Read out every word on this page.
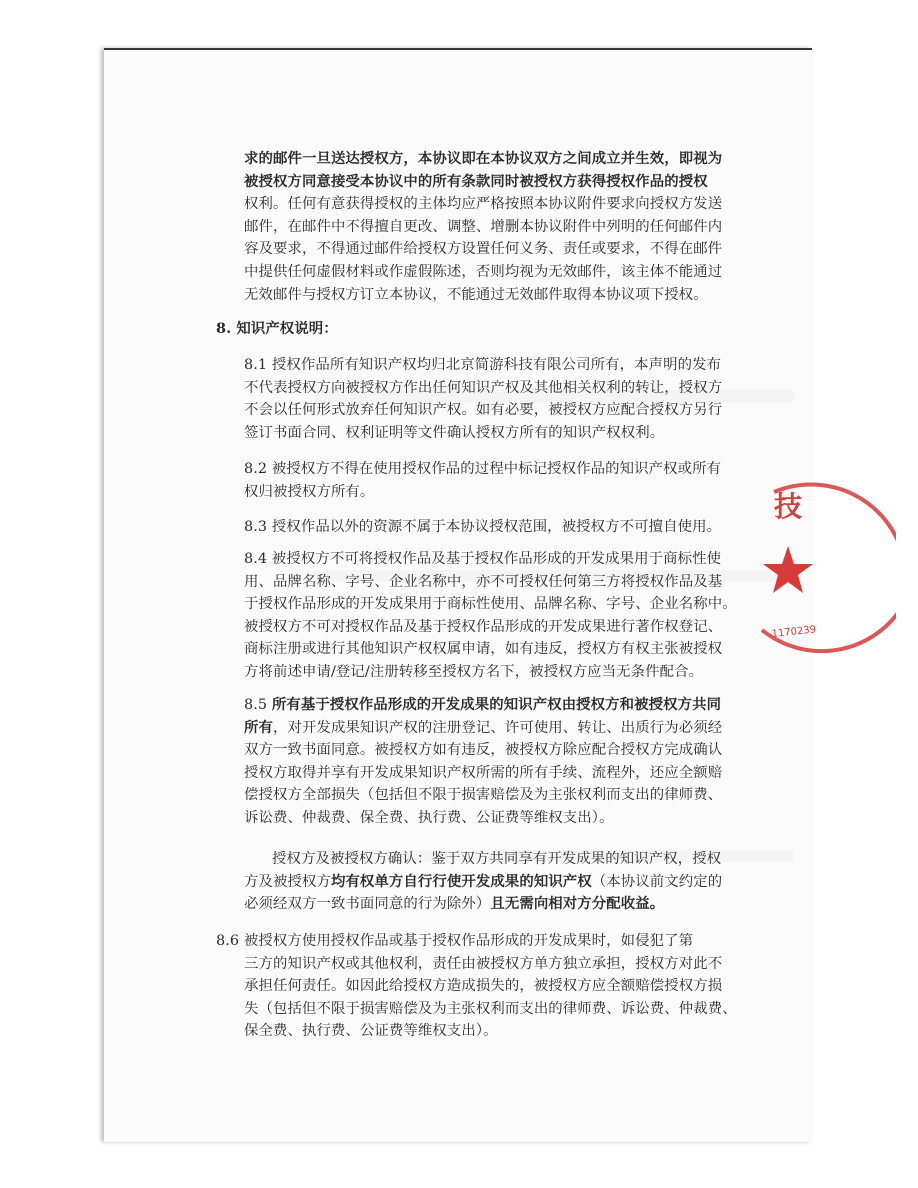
求的邮件一旦送达授权方，本协议即在本协议双方之间成立并生效，即视为
被授权方同意接受本协议中的所有条款同时被授权方获得授权作品的授权
权利。任何有意获得授权的主体均应严格按照本协议附件要求向授权方发送
邮件，在邮件中不得擅自更改、调整、增删本协议附件中列明的任何邮件内
容及要求，不得通过邮件给授权方设置任何义务、责任或要求，不得在邮件
中提供任何虚假材料或作虚假陈述，否则均视为无效邮件，该主体不能通过
无效邮件与授权方订立本协议，不能通过无效邮件取得本协议项下授权。
8. 知识产权说明：
8.1 授权作品所有知识产权均归北京简游科技有限公司所有，本声明的发布
不代表授权方向被授权方作出任何知识产权及其他相关权利的转让，授权方
不会以任何形式放弃任何知识产权。如有必要，被授权方应配合授权方另行
签订书面合同、权利证明等文件确认授权方所有的知识产权权利。
8.2 被授权方不得在使用授权作品的过程中标记授权作品的知识产权或所有
权归被授权方所有。
8.3 授权作品以外的资源不属于本协议授权范围，被授权方不可擅自使用。
8.4 被授权方不可将授权作品及基于授权作品形成的开发成果用于商标性使
用、品牌名称、字号、企业名称中，亦不可授权任何第三方将授权作品及基
于授权作品形成的开发成果用于商标性使用、品牌名称、字号、企业名称中。
被授权方不可对授权作品及基于授权作品形成的开发成果进行著作权登记、
商标注册或进行其他知识产权权属申请，如有违反，授权方有权主张被授权
方将前述申请/登记/注册转移至授权方名下，被授权方应当无条件配合。
8.5 所有基于授权作品形成的开发成果的知识产权由授权方和被授权方共同
所有，对开发成果知识产权的注册登记、许可使用、转让、出质行为必须经
双方一致书面同意。被授权方如有违反，被授权方除应配合授权方完成确认
授权方取得并享有开发成果知识产权所需的所有手续、流程外，还应全额赔
偿授权方全部损失（包括但不限于损害赔偿及为主张权利而支出的律师费、
诉讼费、仲裁费、保全费、执行费、公证费等维权支出）。
授权方及被授权方确认：鉴于双方共同享有开发成果的知识产权，授权
方及被授权方均有权单方自行行使开发成果的知识产权（本协议前文约定的
必须经双方一致书面同意的行为除外）且无需向相对方分配收益。
8.6 被授权方使用授权作品或基于授权作品形成的开发成果时，如侵犯了第
三方的知识产权或其他权利，责任由被授权方单方独立承担，授权方对此不
承担任何责任。如因此给授权方造成损失的，被授权方应全额赔偿授权方损
失（包括但不限于损害赔偿及为主张权利而支出的律师费、诉讼费、仲裁费、
保全费、执行费、公证费等维权支出）。
技
1170239
